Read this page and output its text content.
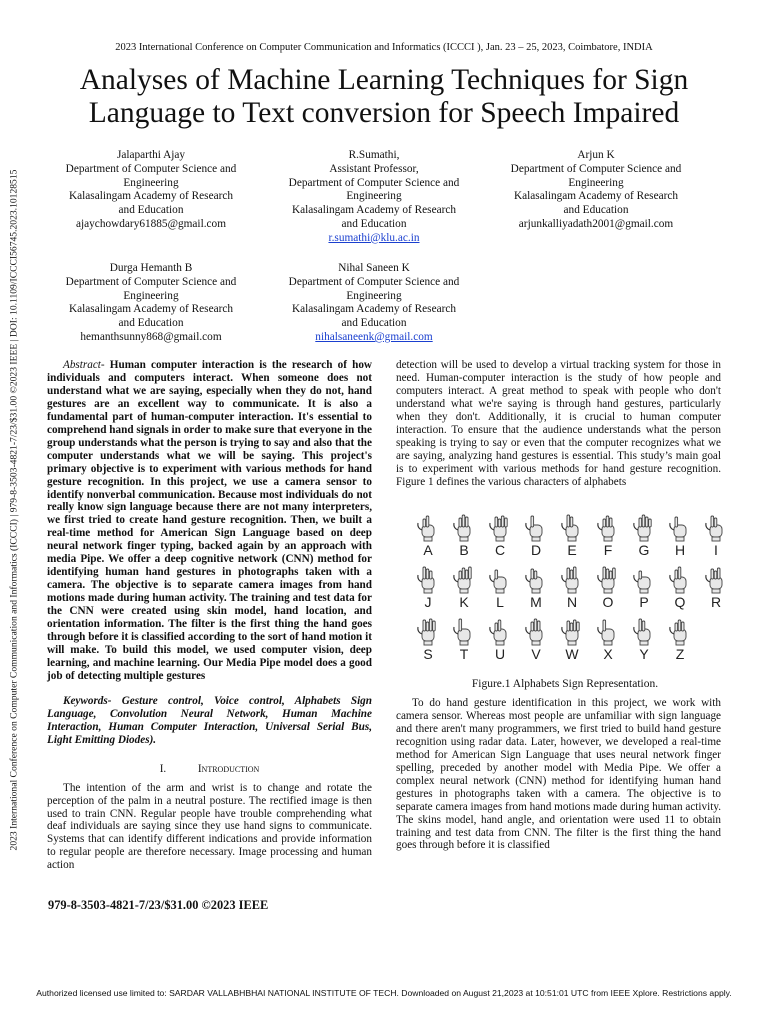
2023 International Conference on Computer Communication and Informatics (ICCCI ), Jan. 23 – 25, 2023, Coimbatore, INDIA
Analyses of Machine Learning Techniques for Sign
Language to Text conversion for Speech Impaired
Jalaparthi Ajay
Department of Computer Science and
Engineering
Kalasalingam Academy of Research
and Education
ajaychowdary61885@gmail.com
R.Sumathi,
Assistant Professor,
Department of Computer Science and
Engineering
Kalasalingam Academy of Research
and Education
r.sumathi@klu.ac.in
Arjun K
Department of Computer Science and
Engineering
Kalasalingam Academy of Research
and Education
arjunkalliyadath2001@gmail.com
Durga Hemanth B
Department of Computer Science and
Engineering
Kalasalingam Academy of Research
and Education
hemanthsunny868@gmail.com
Nihal Saneen K
Department of Computer Science and
Engineering
Kalasalingam Academy of Research
and Education
nihalsaneenk@gmail.com
2023 International Conference on Computer Communication and Informatics (ICCCI) | 979-8-3503-4821-7/23/$31.00 ©2023 IEEE | DOI: 10.1109/ICCCI56745.2023.10128515	Abstract- Human computer interaction is the research of how individuals and computers interact. When someone does not understand what we are saying, especially when they do not, hand gestures are an excellent way to communicate. It is also a fundamental part of human-computer interaction. It's essential to comprehend hand signals in order to make sure that everyone in the group understands what the person is trying to say and also that the computer understands what we will be saying. This project's primary objective is to experiment with various methods for hand gesture recognition. In this project, we use a camera sensor to identify nonverbal communication. Because most individuals do not really know sign language because there are not many interpreters, we first tried to create hand gesture recognition. Then, we built a real-time method for American Sign Language based on deep neural network finger typing, backed again by an approach with media Pipe. We offer a deep cognitive network (CNN) method for identifying human hand gestures in photographs taken with a camera. The objective is to separate camera images from hand motions made during human activity. The training and test data for the CNN were created using skin model, hand location, and orientation information. The filter is the first thing the hand goes through before it is classified according to the sort of hand motion it will make. To build this model, we used computer vision, deep learning, and machine learning. Our Media Pipe model does a good job of detecting multiple gestures

Keywords- Gesture control, Voice control, Alphabets Sign Language, Convolution Neural Network, Human Machine Interaction, Human Computer Interaction, Universal Serial Bus, Light Emitting Diodes).

I.	Introduction

The intention of the arm and wrist is to change and rotate the perception of the palm in a neutral posture. The rectified image is then used to train CNN. Regular people have trouble comprehending what deaf individuals are saying since they use hand signs to communicate. Systems that can identify different indications and provide information to regular people are therefore necessary. Image processing and human action

detection will be used to develop a virtual tracking system for those in need. Human-computer interaction is the study of how people and computers interact. A great method to speak with people who don't understand what we're saying is through hand gestures, particularly when they don't. Additionally, it is crucial to human computer interaction. To ensure that the audience understands what the person speaking is trying to say or even that the computer recognizes what we are saying, analyzing hand gestures is essential. This study’s main goal is to experiment with various methods for hand gesture recognition. Figure 1 defines the various characters of alphabets

A B C D E F G H I
J K L M N O P Q R
S T U V W X Y Z
Figure.1 Alphabets Sign Representation.

To do hand gesture identification in this project, we work with camera sensor. Whereas most people are unfamiliar with sign language and there aren't many programmers, we first tried to build hand gesture recognition using radar data. Later, however, we developed a real-time method for American Sign Language that uses neural network finger spelling, preceded by another model with Media Pipe. We offer a complex neural network (CNN) method for identifying human hand gestures in photographs taken with a camera. The objective is to separate camera images from hand motions made during human activity. The skins model, hand angle, and orientation were used 11 to obtain training and test data from CNN. The filter is the first thing the hand goes through before it is classified

979-8-3503-4821-7/23/$31.00 ©2023 IEEE
Authorized licensed use limited to: SARDAR VALLABHBHAI NATIONAL INSTITUTE OF TECH. Downloaded on August 21,2023 at 10:51:01 UTC from IEEE Xplore. Restrictions apply.
